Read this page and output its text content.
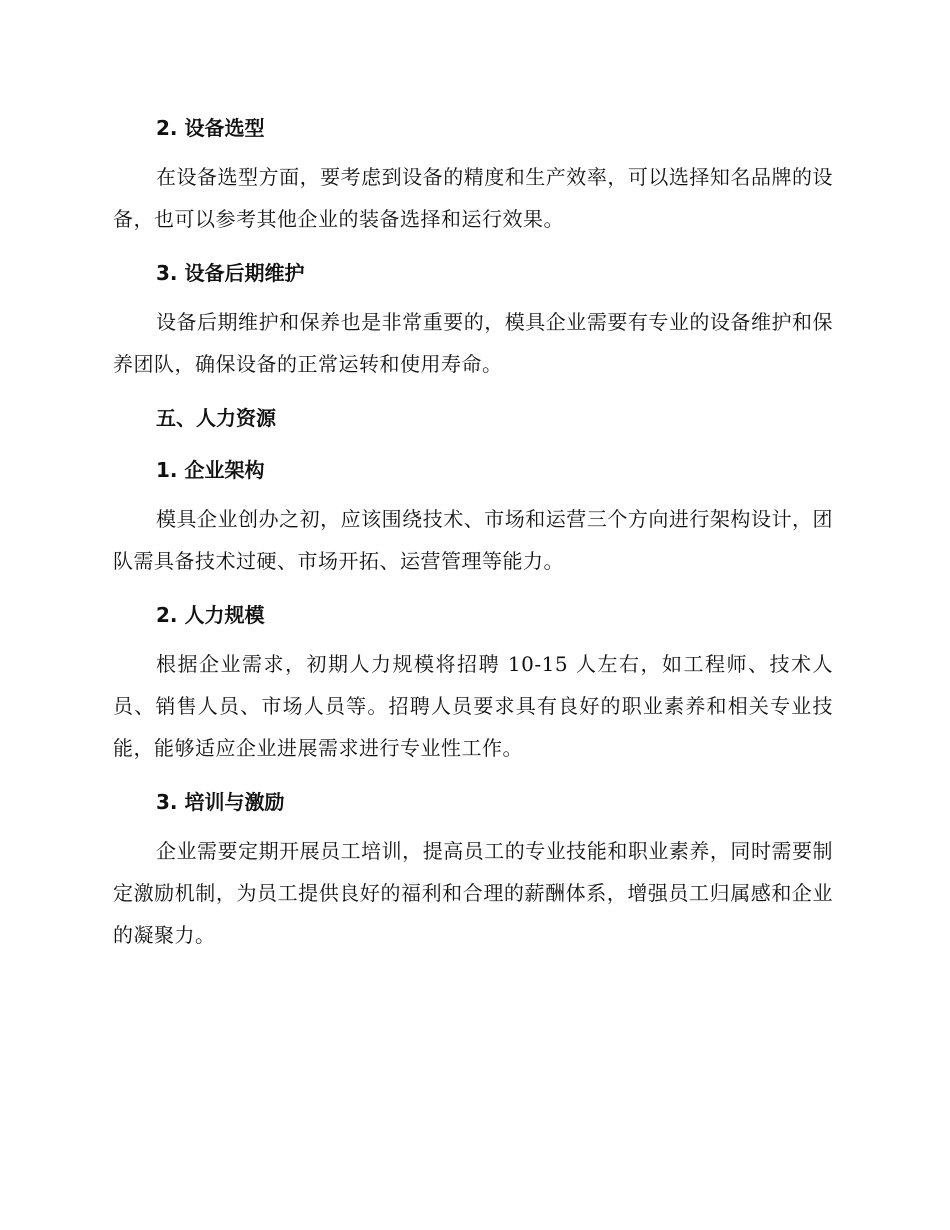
2. 设备选型

在设备选型方面，要考虑到设备的精度和生产效率，可以选择知名品牌的设备，也可以参考其他企业的装备选择和运行效果。

3. 设备后期维护

设备后期维护和保养也是非常重要的，模具企业需要有专业的设备维护和保养团队，确保设备的正常运转和使用寿命。

五、人力资源
1. 企业架构

模具企业创办之初，应该围绕技术、市场和运营三个方向进行架构设计，团队需具备技术过硬、市场开拓、运营管理等能力。

2. 人力规模

根据企业需求，初期人力规模将招聘 10-15 人左右，如工程师、技术人员、销售人员、市场人员等。招聘人员要求具有良好的职业素养和相关专业技能，能够适应企业进展需求进行专业性工作。

3. 培训与激励

企业需要定期开展员工培训，提高员工的专业技能和职业素养，同时需要制定激励机制，为员工提供良好的福利和合理的薪酬体系，增强员工归属感和企业的凝聚力。
